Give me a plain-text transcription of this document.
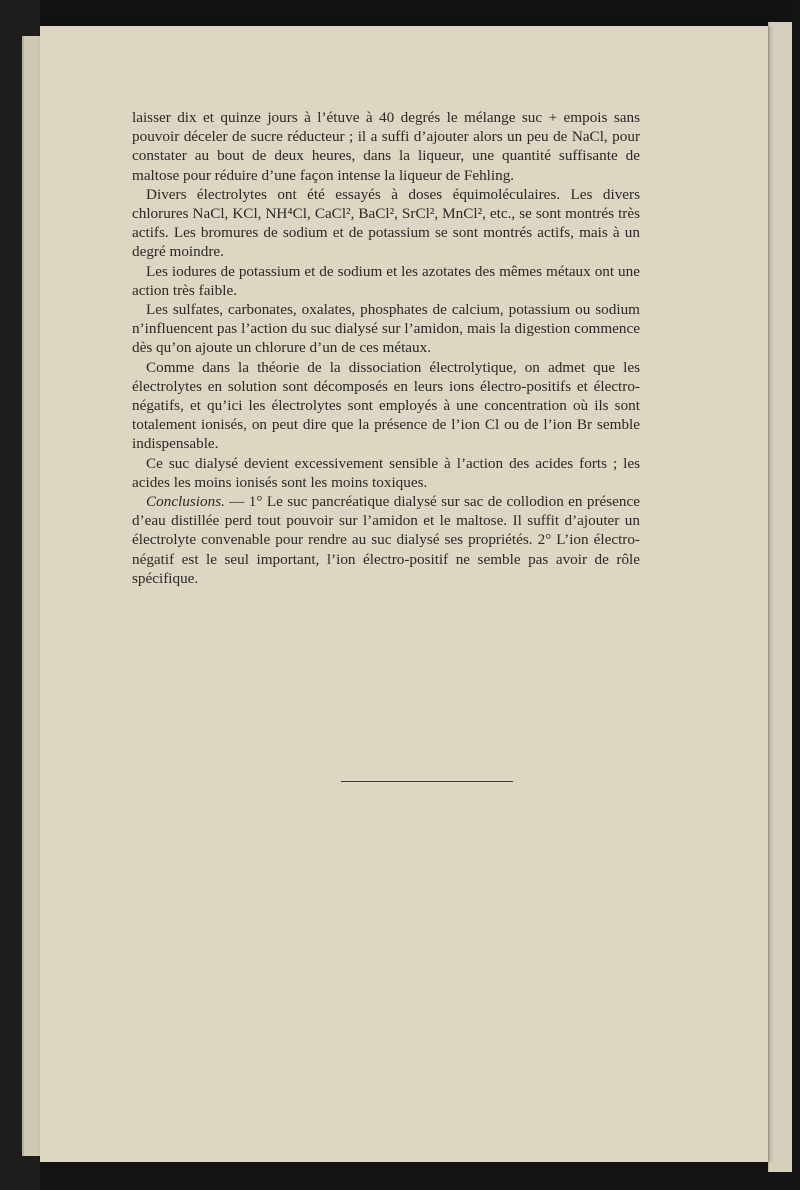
laisser dix et quinze jours à l’étuve à 40 degrés le mélange suc + empois sans pouvoir déceler de sucre réducteur ; il a suffi d’ajouter alors un peu de NaCl, pour constater au bout de deux heures, dans la liqueur, une quantité suffisante de maltose pour réduire d’une façon intense la liqueur de Fehling.

Divers électrolytes ont été essayés à doses équimoléculaires. Les divers chlorures NaCl, KCl, NH⁴Cl, CaCl², BaCl², SrCl², MnCl², etc., se sont montrés très actifs. Les bromures de sodium et de potassium se sont montrés actifs, mais à un degré moindre.

Les iodures de potassium et de sodium et les azotates des mêmes métaux ont une action très faible.

Les sulfates, carbonates, oxalates, phosphates de calcium, potassium ou sodium n’influencent pas l’action du suc dialysé sur l’amidon, mais la digestion commence dès qu’on ajoute un chlorure d’un de ces métaux.

Comme dans la théorie de la dissociation électrolytique, on admet que les électrolytes en solution sont décomposés en leurs ions électro-positifs et électro-négatifs, et qu’ici les électrolytes sont employés à une concentration où ils sont totalement ionisés, on peut dire que la présence de l’ion Cl ou de l’ion Br semble indispensable.

Ce suc dialysé devient excessivement sensible à l’action des acides forts ; les acides les moins ionisés sont les moins toxiques.

Conclusions. — 1° Le suc pancréatique dialysé sur sac de collodion en présence d’eau distillée perd tout pouvoir sur l’amidon et le maltose. Il suffit d’ajouter un électrolyte convenable pour rendre au suc dialysé ses propriétés. 2° L’ion électro-négatif est le seul important, l’ion électro-positif ne semble pas avoir de rôle spécifique.
